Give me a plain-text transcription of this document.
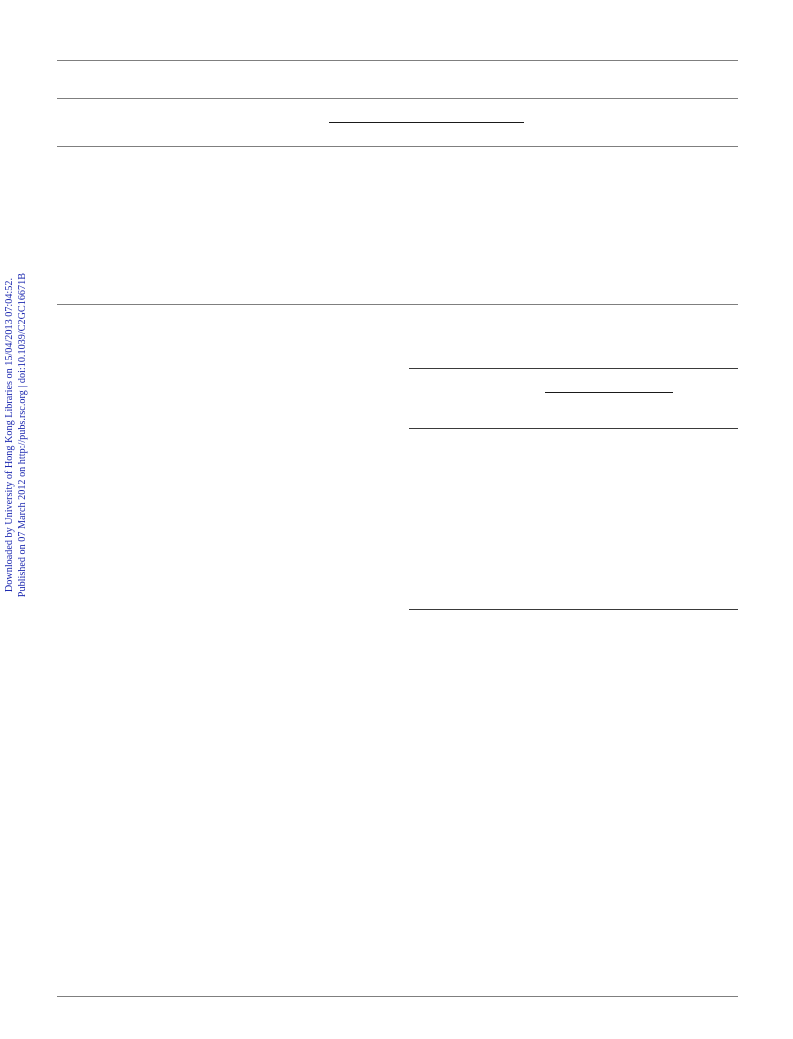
Downloaded by University of Hong Kong Libraries on 15/04/2013 07:04:52. Published on 07 March 2012 on http://pubs.rsc.org | doi:10.1039/C2GC16671B
